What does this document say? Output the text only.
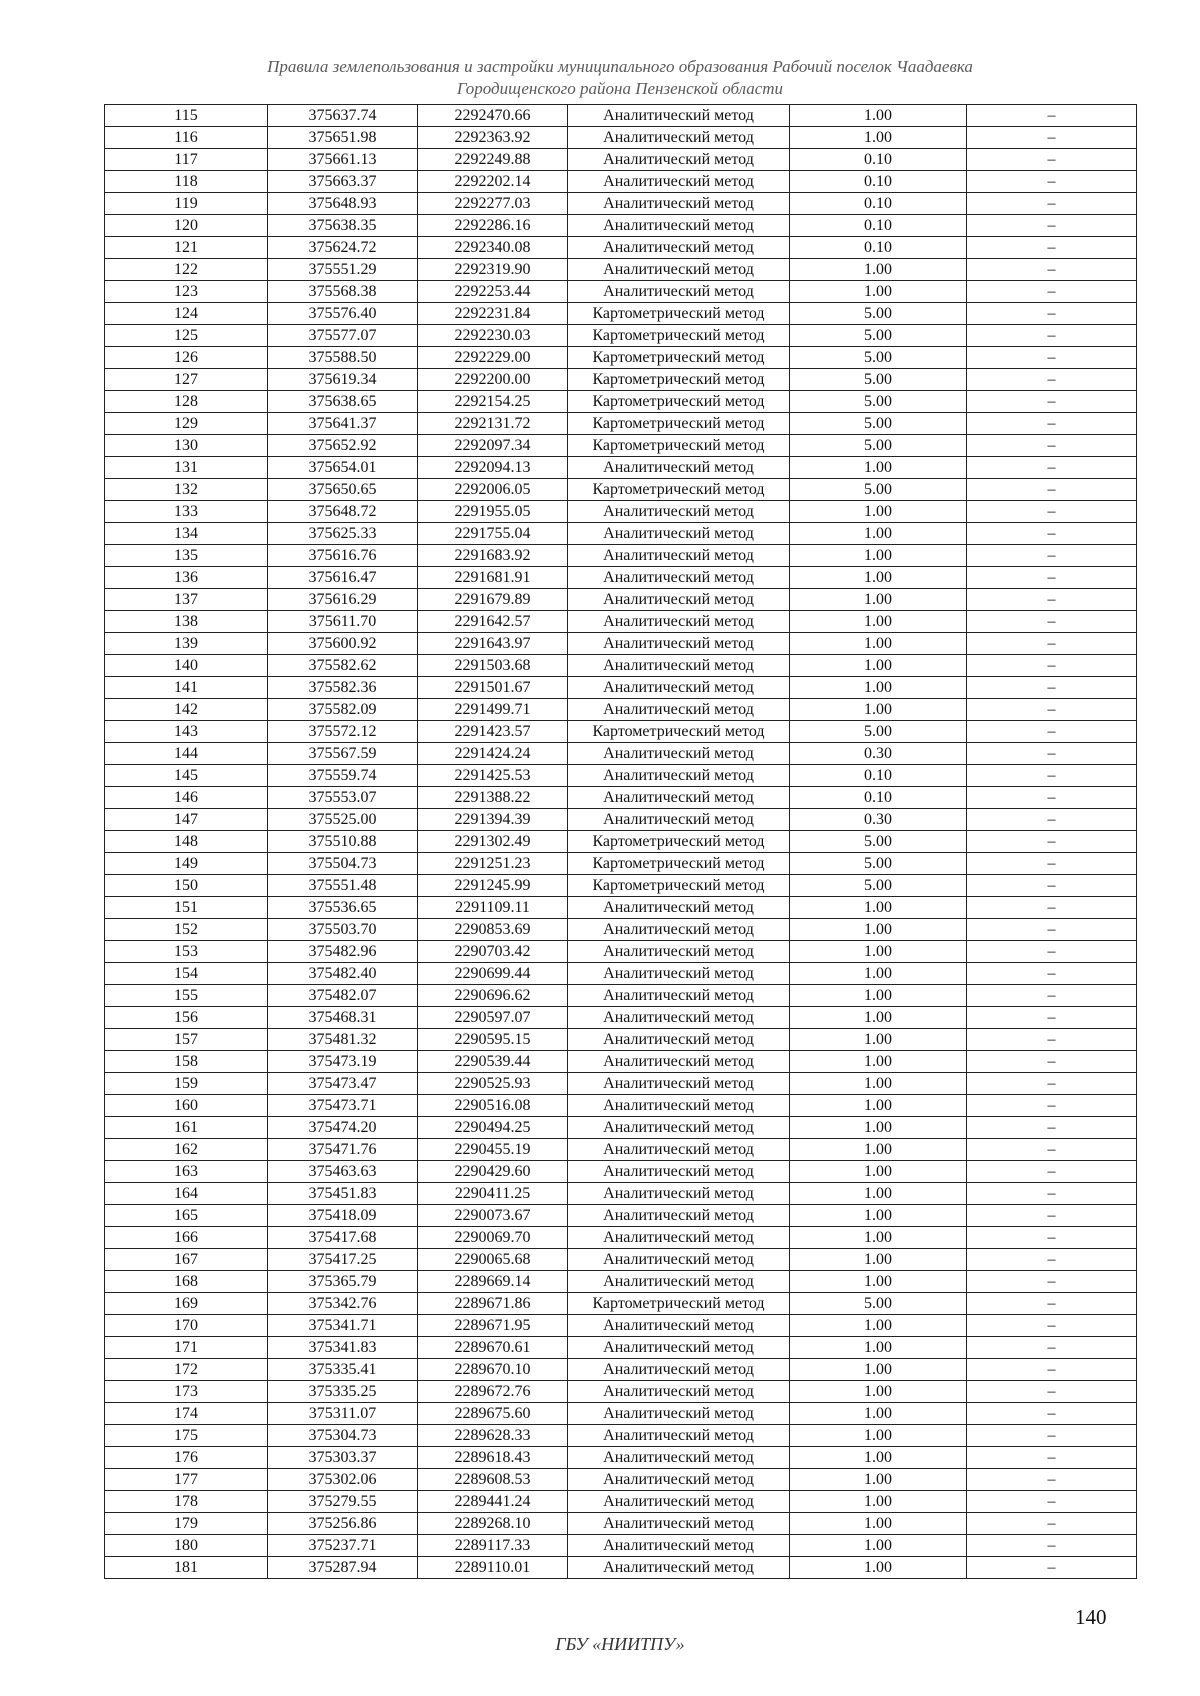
Правила землепользования и застройки муниципального образования Рабочий поселок Чаадаевка
Городищенского района Пензенской области
115	375637.74	2292470.66	Аналитический метод	1.00	–
116	375651.98	2292363.92	Аналитический метод	1.00	–
117	375661.13	2292249.88	Аналитический метод	0.10	–
118	375663.37	2292202.14	Аналитический метод	0.10	–
119	375648.93	2292277.03	Аналитический метод	0.10	–
120	375638.35	2292286.16	Аналитический метод	0.10	–
121	375624.72	2292340.08	Аналитический метод	0.10	–
122	375551.29	2292319.90	Аналитический метод	1.00	–
123	375568.38	2292253.44	Аналитический метод	1.00	–
124	375576.40	2292231.84	Картометрический метод	5.00	–
125	375577.07	2292230.03	Картометрический метод	5.00	–
126	375588.50	2292229.00	Картометрический метод	5.00	–
127	375619.34	2292200.00	Картометрический метод	5.00	–
128	375638.65	2292154.25	Картометрический метод	5.00	–
129	375641.37	2292131.72	Картометрический метод	5.00	–
130	375652.92	2292097.34	Картометрический метод	5.00	–
131	375654.01	2292094.13	Аналитический метод	1.00	–
132	375650.65	2292006.05	Картометрический метод	5.00	–
133	375648.72	2291955.05	Аналитический метод	1.00	–
134	375625.33	2291755.04	Аналитический метод	1.00	–
135	375616.76	2291683.92	Аналитический метод	1.00	–
136	375616.47	2291681.91	Аналитический метод	1.00	–
137	375616.29	2291679.89	Аналитический метод	1.00	–
138	375611.70	2291642.57	Аналитический метод	1.00	–
139	375600.92	2291643.97	Аналитический метод	1.00	–
140	375582.62	2291503.68	Аналитический метод	1.00	–
141	375582.36	2291501.67	Аналитический метод	1.00	–
142	375582.09	2291499.71	Аналитический метод	1.00	–
143	375572.12	2291423.57	Картометрический метод	5.00	–
144	375567.59	2291424.24	Аналитический метод	0.30	–
145	375559.74	2291425.53	Аналитический метод	0.10	–
146	375553.07	2291388.22	Аналитический метод	0.10	–
147	375525.00	2291394.39	Аналитический метод	0.30	–
148	375510.88	2291302.49	Картометрический метод	5.00	–
149	375504.73	2291251.23	Картометрический метод	5.00	–
150	375551.48	2291245.99	Картометрический метод	5.00	–
151	375536.65	2291109.11	Аналитический метод	1.00	–
152	375503.70	2290853.69	Аналитический метод	1.00	–
153	375482.96	2290703.42	Аналитический метод	1.00	–
154	375482.40	2290699.44	Аналитический метод	1.00	–
155	375482.07	2290696.62	Аналитический метод	1.00	–
156	375468.31	2290597.07	Аналитический метод	1.00	–
157	375481.32	2290595.15	Аналитический метод	1.00	–
158	375473.19	2290539.44	Аналитический метод	1.00	–
159	375473.47	2290525.93	Аналитический метод	1.00	–
160	375473.71	2290516.08	Аналитический метод	1.00	–
161	375474.20	2290494.25	Аналитический метод	1.00	–
162	375471.76	2290455.19	Аналитический метод	1.00	–
163	375463.63	2290429.60	Аналитический метод	1.00	–
164	375451.83	2290411.25	Аналитический метод	1.00	–
165	375418.09	2290073.67	Аналитический метод	1.00	–
166	375417.68	2290069.70	Аналитический метод	1.00	–
167	375417.25	2290065.68	Аналитический метод	1.00	–
168	375365.79	2289669.14	Аналитический метод	1.00	–
169	375342.76	2289671.86	Картометрический метод	5.00	–
170	375341.71	2289671.95	Аналитический метод	1.00	–
171	375341.83	2289670.61	Аналитический метод	1.00	–
172	375335.41	2289670.10	Аналитический метод	1.00	–
173	375335.25	2289672.76	Аналитический метод	1.00	–
174	375311.07	2289675.60	Аналитический метод	1.00	–
175	375304.73	2289628.33	Аналитический метод	1.00	–
176	375303.37	2289618.43	Аналитический метод	1.00	–
177	375302.06	2289608.53	Аналитический метод	1.00	–
178	375279.55	2289441.24	Аналитический метод	1.00	–
179	375256.86	2289268.10	Аналитический метод	1.00	–
180	375237.71	2289117.33	Аналитический метод	1.00	–
181	375287.94	2289110.01	Аналитический метод	1.00	–
140
ГБУ «НИИТПУ»
